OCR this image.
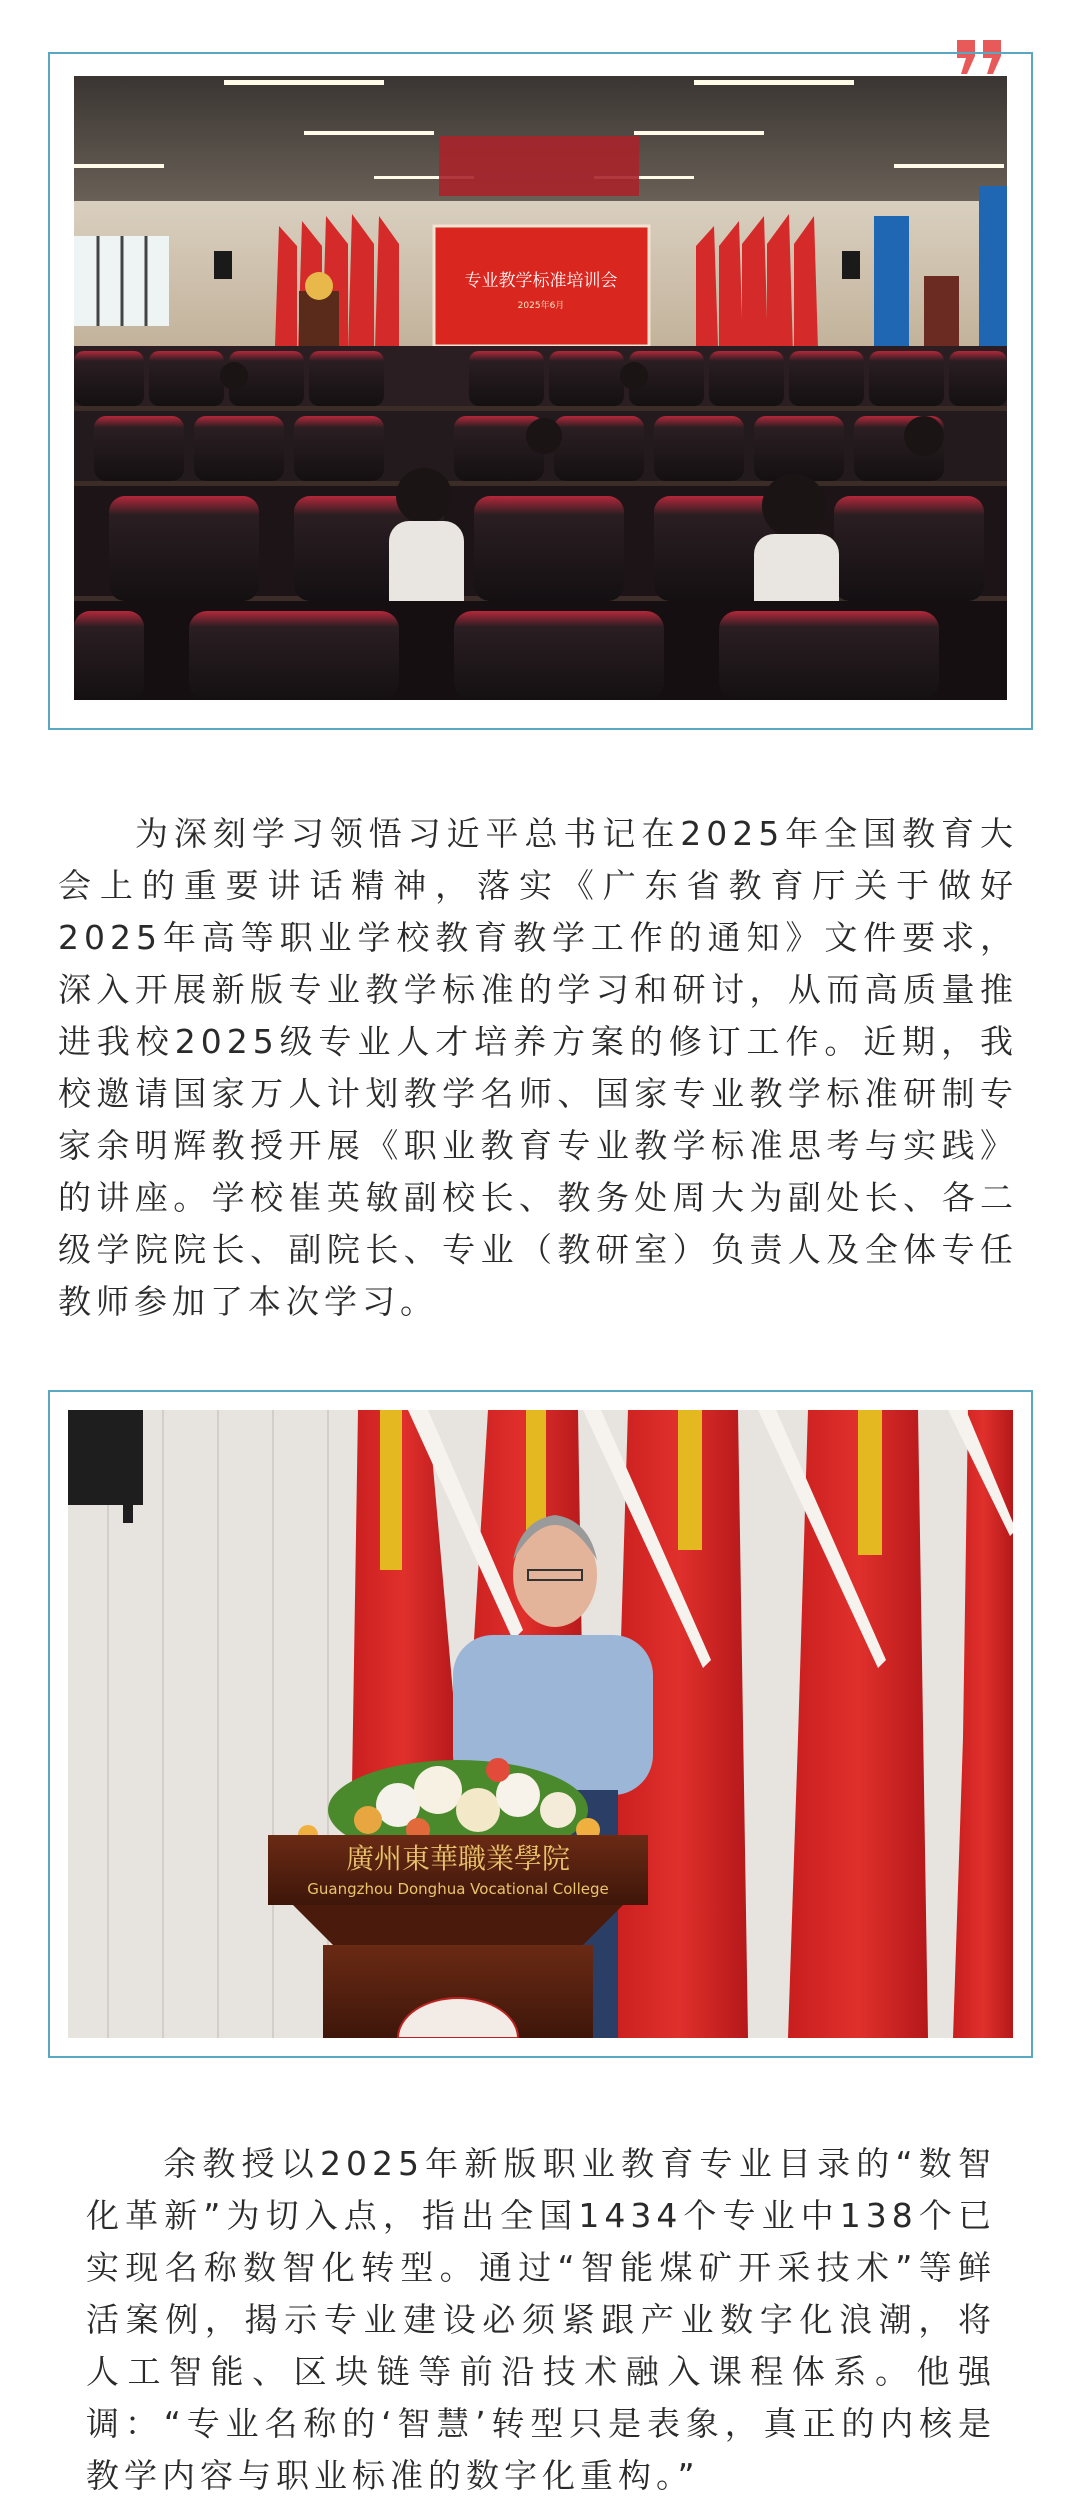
专业教学标准培训会
2025年6月

为深刻学习领悟习近平总书记在2025年全国教育大会上的重要讲话精神，落实《广东省教育厅关于做好2025年高等职业学校教育教学工作的通知》文件要求，深入开展新版专业教学标准的学习和研讨，从而高质量推进我校2025级专业人才培养方案的修订工作。近期，我校邀请国家万人计划教学名师、国家专业教学标准研制专家余明辉教授开展《职业教育专业教学标准思考与实践》的讲座。学校崔英敏副校长、教务处周大为副处长、各二级学院院长、副院长、专业（教研室）负责人及全体专任教师参加了本次学习。

廣州東華職業學院
Guangzhou Donghua Vocational College

余教授以2025年新版职业教育专业目录的“数智化革新”为切入点，指出全国1434个专业中138个已实现名称数智化转型。通过“智能煤矿开采技术”等鲜活案例，揭示专业建设必须紧跟产业数字化浪潮，将人工智能、区块链等前沿技术融入课程体系。他强调：“专业名称的‘智慧’转型只是表象，真正的内核是教学内容与职业标准的数字化重构。”
